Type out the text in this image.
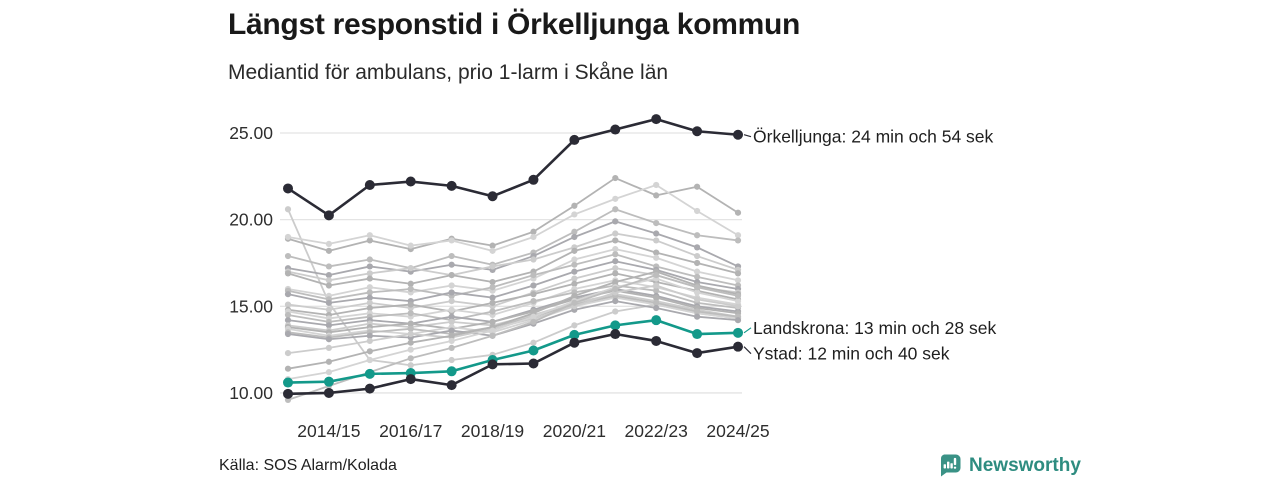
Längst responstid i Örkelljunga kommun
Mediantid för ambulans, prio 1-larm i Skåne län
10.00
15.00
20.00
25.00	Örkelljunga: 24 min och 54 sek
Landskrona: 13 min och 28 sek
Ystad: 12 min och 40 sek
2014/15 2016/17 2018/19 2020/21 2022/23 2024/25
Källa: SOS Alarm/Kolada	Newsworthy
